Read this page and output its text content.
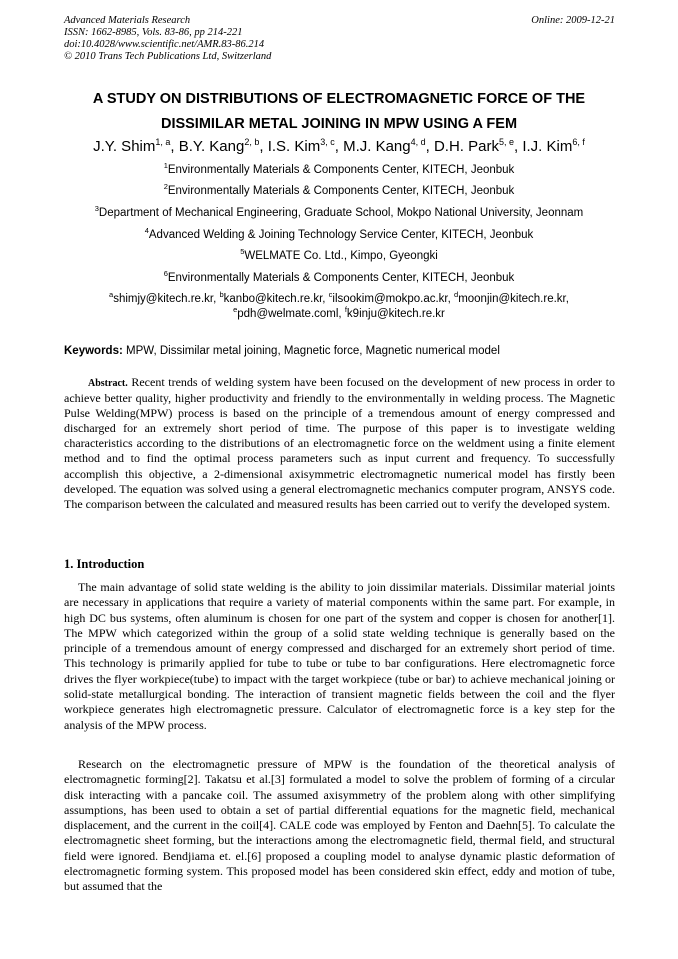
Advanced Materials Research
ISSN: 1662-8985, Vols. 83-86, pp 214-221
doi:10.4028/www.scientific.net/AMR.83-86.214
© 2010 Trans Tech Publications Ltd, Switzerland
Online: 2009-12-21
A STUDY ON DISTRIBUTIONS OF ELECTROMAGNETIC FORCE OF THE
DISSIMILAR METAL JOINING IN MPW USING A FEM
J.Y. Shim$^{1, a}$, B.Y. Kang$^{2, b}$, I.S. Kim$^{3, c}$, M.J. Kang$^{4, d}$, D.H. Park$^{5, e}$, I.J. Kim$^{6, f}$
$^1$Environmentally Materials & Components Center, KITECH, Jeonbuk
$^2$Environmentally Materials & Components Center, KITECH, Jeonbuk
$^3$Department of Mechanical Engineering, Graduate School, Mokpo National University, Jeonnam
$^4$Advanced Welding & Joining Technology Service Center, KITECH, Jeonbuk
$^5$WELMATE Co. Ltd., Kimpo, Gyeongki
$^6$Environmentally Materials & Components Center, KITECH, Jeonbuk
$^a$shimjy@kitech.re.kr, $^b$kanbo@kitech.re.kr, $^c$ilsookim@mokpo.ac.kr, $^d$moonjin@kitech.re.kr,
$^e$pdh@welmate.coml, $^f$k9inju@kitech.re.kr
Keywords: MPW, Dissimilar metal joining, Magnetic force, Magnetic numerical model
Abstract. Recent trends of welding system have been focused on the development of new process in order to achieve better quality, higher productivity and friendly to the environmentally in welding process. The Magnetic Pulse Welding(MPW) process is based on the principle of a tremendous amount of energy compressed and discharged for an extremely short period of time. The purpose of this paper is to investigate welding characteristics according to the distributions of an electromagnetic force on the weldment using a finite element method and to find the optimal process parameters such as input current and frequency. To successfully accomplish this objective, a 2-dimensional axisymmetric electromagnetic numerical model has firstly been developed. The equation was solved using a general electromagnetic mechanics computer program, ANSYS code. The comparison between the calculated and measured results has been carried out to verify the developed system.
1. Introduction
The main advantage of solid state welding is the ability to join dissimilar materials. Dissimilar material joints are necessary in applications that require a variety of material components within the same part. For example, in high DC bus systems, often aluminum is chosen for one part of the system and copper is chosen for another[1]. The MPW which categorized within the group of a solid state welding technique is generally based on the principle of a tremendous amount of energy compressed and discharged for an extremely short period of time. This technology is primarily applied for tube to tube or tube to bar configurations. Here electromagnetic force drives the flyer workpiece(tube) to impact with the target workpiece (tube or bar) to achieve mechanical joining or solid-state metallurgical bonding. The interaction of transient magnetic fields between the coil and the flyer workpiece generates high electromagnetic pressure. Calculator of electromagnetic force is a key step for the analysis of the MPW process.
Research on the electromagnetic pressure of MPW is the foundation of the theoretical analysis of electromagnetic forming[2]. Takatsu et al.[3] formulated a model to solve the problem of forming of a circular disk interacting with a pancake coil. The assumed axisymmetry of the problem along with other simplifying assumptions, has been used to obtain a set of partial differential equations for the magnetic field, mechanical displacement, and the current in the coil[4]. CALE code was employed by Fenton and Daehn[5]. To calculate the electromagnetic sheet forming, but the interactions among the electromagnetic field, thermal field, and structural field were ignored. Bendjiama et. el.[6] proposed a coupling model to analyse dynamic plastic deformation of electromagnetic forming system. This proposed model has been considered skin effect, eddy and motion of tube, but assumed that the
